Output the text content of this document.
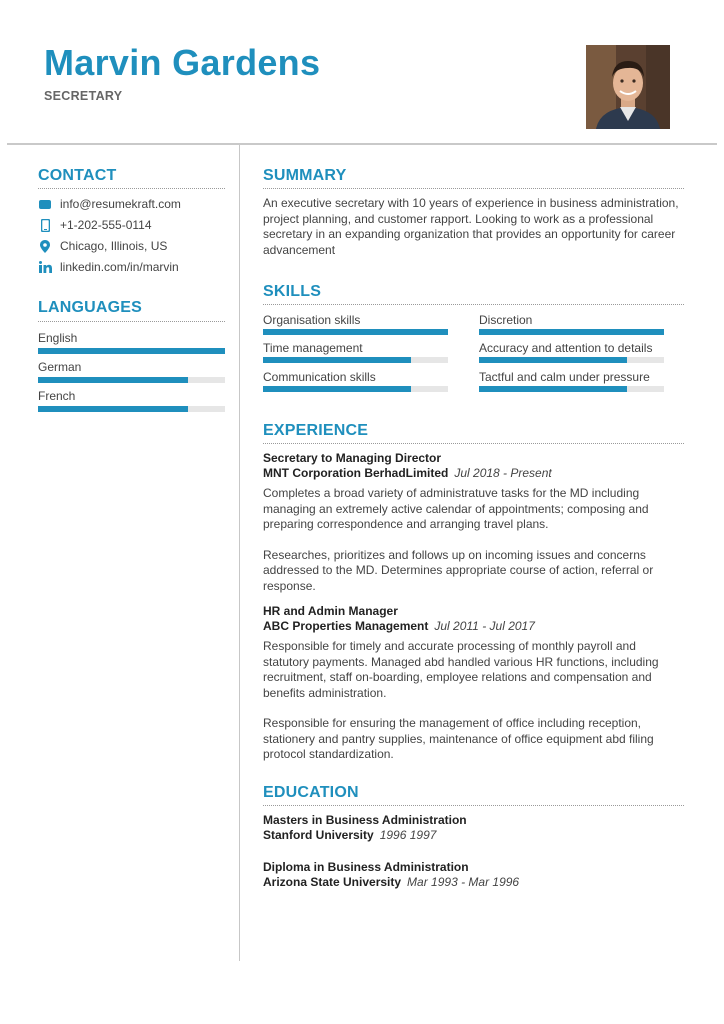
Marvin Gardens
SECRETARY
CONTACT
info@resumekraft.com
+1-202-555-0114
Chicago, Illinois, US
linkedin.com/in/marvin
LANGUAGES
English
German
French
SUMMARY
An executive secretary with 10 years of experience in business administration, project planning, and customer rapport. Looking to work as a professional secretary in an expanding organization that provides an opportunity for career advancement
SKILLS
Organisation skills	Discretion
Time management	Accuracy and attention to details
Communication skills	Tactful and calm under pressure
EXPERIENCE
Secretary to Managing Director
MNT Corporation BerhadLimited Jul 2018 - Present
Completes a broad variety of administratuve tasks for the MD including managing an extremely active calendar of appointments; composing and preparing correspondence and arranging travel plans.
Researches, prioritizes and follows up on incoming issues and concerns addressed to the MD. Determines appropriate course of action, referral or response.
HR and Admin Manager
ABC Properties Management Jul 2011 - Jul 2017
Responsible for timely and accurate processing of monthly payroll and statutory payments. Managed abd handled various HR functions, including recruitment, staff on-boarding, employee relations and compensation and benefits administration.
Responsible for ensuring the management of office including reception, stationery and pantry supplies, maintenance of office equipment abd filing protocol standardization.
EDUCATION
Masters in Business Administration
Stanford University 1996 1997
Diploma in Business Administration
Arizona State University Mar 1993 - Mar 1996
